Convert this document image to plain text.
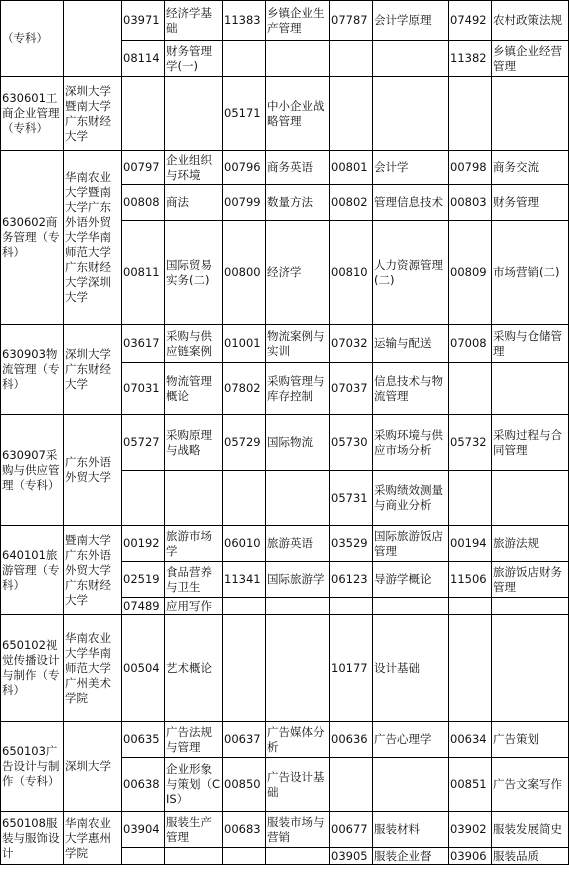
（专科）		03971	经济学基础	11383	乡镇企业生产管理	07787	会计学原理	07492	农村政策法规
		08114	财务管理学(一)					11382	乡镇企业经营管理
630601工商企业管理（专科）	深圳大学暨南大学广东财经大学			05171	中小企业战略管理				
630602商务管理（专科）	华南农业大学暨南大学广东外语外贸大学华南师范大学广东财经大学深圳大学	00797	企业组织与环境	00796	商务英语	00801	会计学	00798	商务交流
		00808	商法	00799	数量方法	00802	管理信息技术	00803	财务管理
		00811	国际贸易实务(二)	00800	经济学	00810	人力资源管理(二)	00809	市场营销(二)
630903物流管理（专科）	深圳大学广东财经大学	03617	采购与供应链案例	01001	物流案例与实训	07032	运输与配送	07008	采购与仓储管理
		07031	物流管理概论	07802	采购管理与库存控制	07037	信息技术与物流管理		
630907采购与供应管理（专科）	广东外语外贸大学	05727	采购原理与战略	05729	国际物流	05730	采购环境与供应市场分析	05732	采购过程与合同管理
						05731	采购绩效测量与商业分析		
640101旅游管理（专科）	暨南大学广东外语外贸大学广东财经大学	00192	旅游市场学	06010	旅游英语	03529	国际旅游饭店管理	00194	旅游法规
		02519	食品营养与卫生	11341	国际旅游学	06123	导游学概论	11506	旅游饭店财务管理
		07489	应用写作						
650102视觉传播设计与制作（专科）	华南农业大学华南师范大学广州美术学院	00504	艺术概论			10177	设计基础		
650103广告设计与制作（专科）	深圳大学	00635	广告法规与管理	00637	广告媒体分析	00636	广告心理学	00634	广告策划
		00638	企业形象与策划（CIS）	00850	广告设计基础			00851	广告文案写作
650108服装与服饰设计	华南农业大学惠州学院	03904	服装生产管理	00683	服装市场与营销	00677	服装材料	03902	服装发展简史
						03905	服装企业督	03906	服装品质
